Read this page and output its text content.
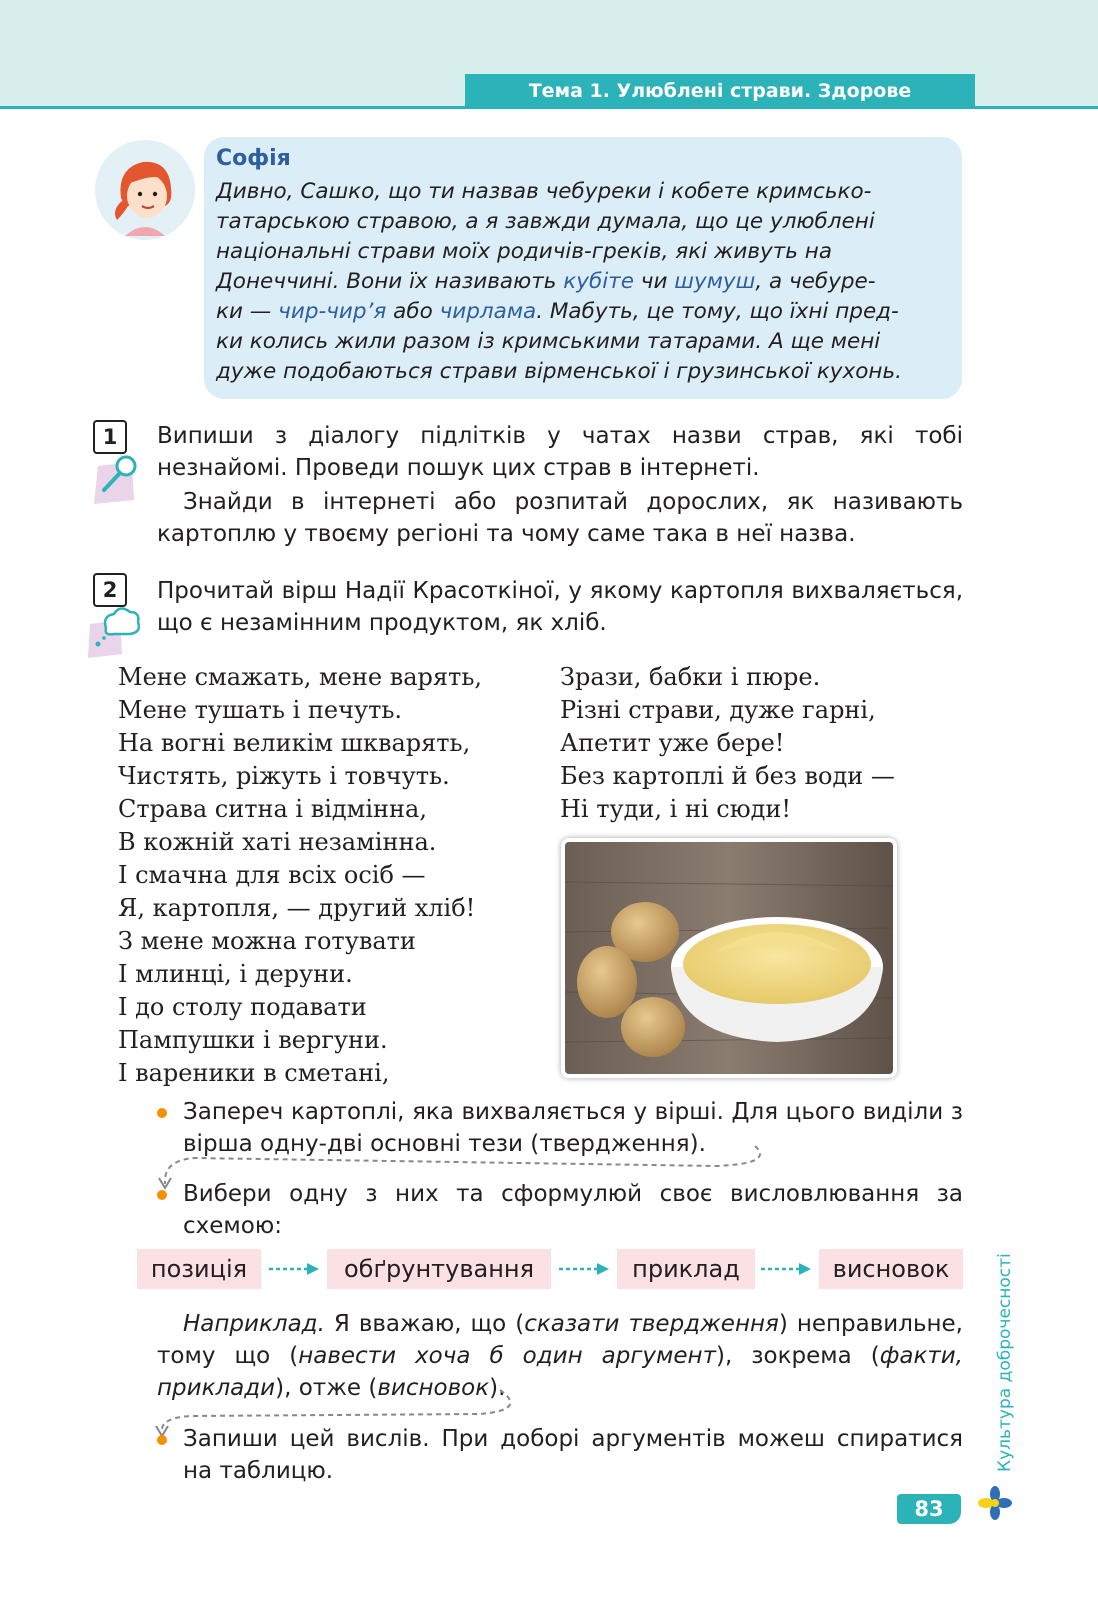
Тема 1. Улюблені страви. Здорове харчування
Софія
Дивно, Сашко, що ти назвав чебуреки і кобете кримсько-
татарською стравою, а я завжди думала, що це улюблені
національні страви моїх родичів-греків, які живуть на
Донеччині. Вони їх називають кубіте чи шумуш, а чебуре-
ки — чир-чир’я або чирлама. Мабуть, це тому, що їхні пред-
ки колись жили разом із кримськими татарами. А ще мені
дуже подобаються страви вірменської і грузинської кухонь.
1	Випиши з діалогу підлітків у чатах назви страв, які тобі незнайомі. Проведи пошук цих страв в інтернеті.

Знайди в інтернеті або розпитай дорослих, як називають картоплю у твоєму регіоні та чому саме така в неї назва.

2	Прочитай вірш Надії Красоткіної, у якому картопля вихваляється, що є незамінним продуктом, як хліб.
Мене смажать, мене варять,
Мене тушать і печуть.
На вогні великім шкварять,
Чистять, ріжуть і товчуть.
Страва ситна і відмінна,
В кожній хаті незамінна.
І смачна для всіх осіб —
Я, картопля, — другий хліб!
З мене можна готувати
І млинці, і деруни.
І до столу подавати
Пампушки і вергуни.
І вареники в сметані,
Зрази, бабки і пюре.
Різні страви, дуже гарні,
Апетит уже бере!
Без картоплі й без води —
Ні туди, і ні сюди!
Запереч картоплі, яка вихваляється у вірші. Для цього виділи з вірша одну-дві основні тези (твердження).
Вибери одну з них та сформулюй своє висловлювання за схемою:
позиція	обґрунтування	приклад	висновок

Наприклад. Я вважаю, що (сказати твердження) неправильне, тому що (навести хоча б один аргумент), зокрема (факти, приклади), отже (висновок).

Запиши цей вислів. При доборі аргументів можеш спиратися на таблицю.	Культура доброчесності
83
